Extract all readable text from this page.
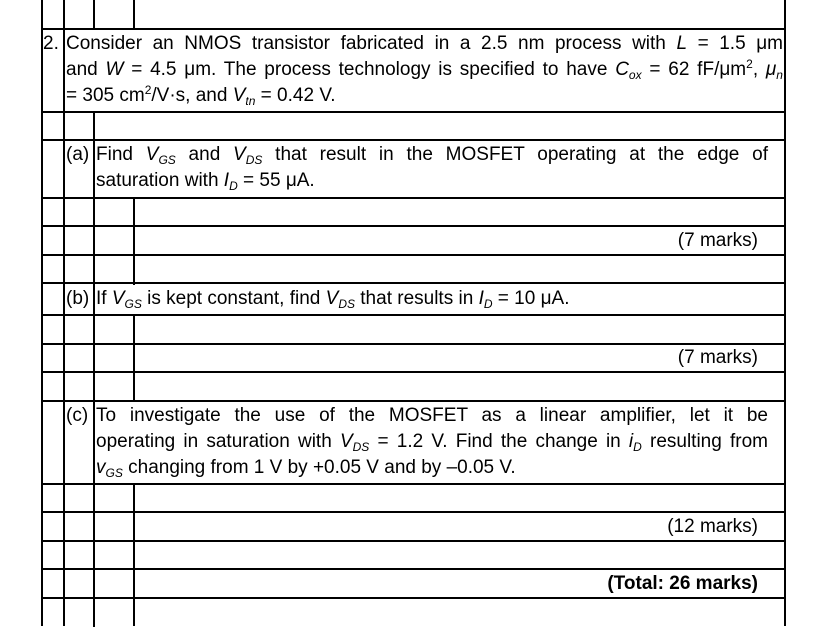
2. Consider an NMOS transistor fabricated in a 2.5 nm process with L = 1.5 μm
and W = 4.5 μm. The process technology is specified to have $C_{ox} = 62$ $fF/\mu m^2$, $\mu_n$
= 305 $cm^2/V\cdot s$, and $V_{tn} = 0.42$ V.
(a) Find $V_{GS}$ and $V_{DS}$ that result in the MOSFET operating at the edge of
saturation with $I_D = 55$ μA.
(7 marks)
(b) If $V_{GS}$ is kept constant, find $V_{DS}$ that results in $I_D = 10$ μA.
(7 marks)
(c) To investigate the use of the MOSFET as a linear amplifier, let it be
operating in saturation with $V_{DS} = 1.2$ V. Find the change in $i_D$ resulting from
$v_{GS}$ changing from 1 V by +0.05 V and by –0.05 V.
(12 marks)
(Total: 26 marks)
